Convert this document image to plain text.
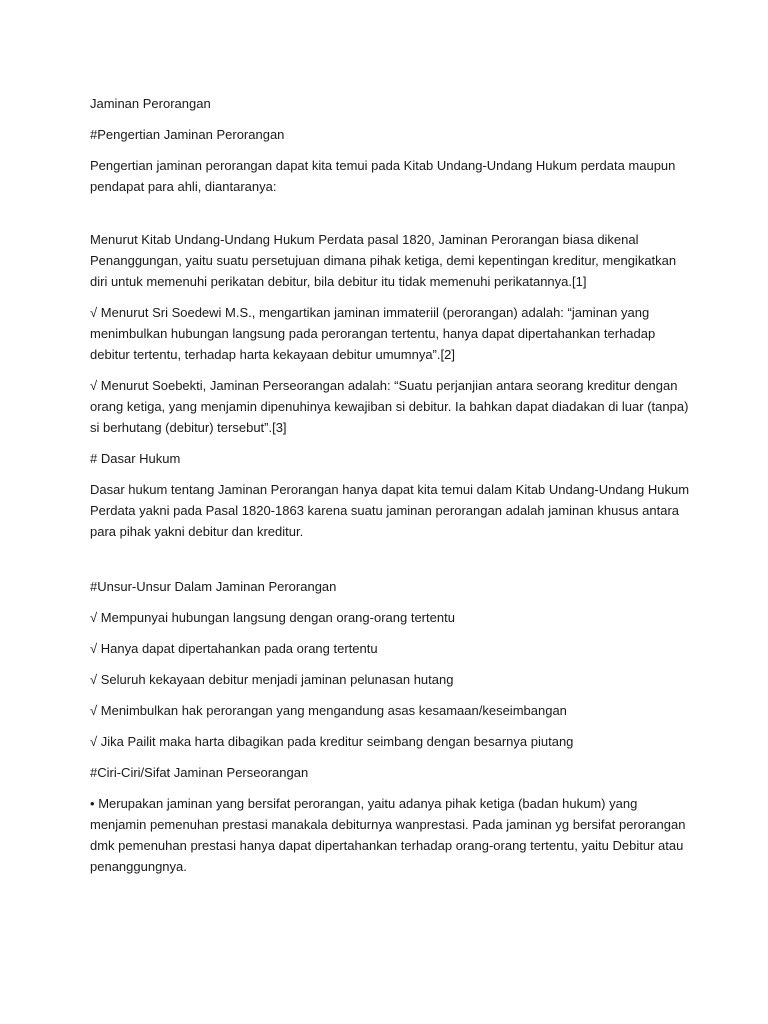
Jaminan Perorangan

#Pengertian Jaminan Perorangan

Pengertian jaminan perorangan dapat kita temui pada Kitab Undang-Undang Hukum perdata maupun pendapat para ahli, diantaranya:

Menurut Kitab Undang-Undang Hukum Perdata pasal 1820, Jaminan Perorangan biasa dikenal Penanggungan, yaitu suatu persetujuan dimana pihak ketiga, demi kepentingan kreditur, mengikatkan diri untuk memenuhi perikatan debitur, bila debitur itu tidak memenuhi perikatannya.[1]

√ Menurut Sri Soedewi M.S., mengartikan jaminan immateriil (perorangan) adalah: “jaminan yang menimbulkan hubungan langsung pada perorangan tertentu, hanya dapat dipertahankan terhadap debitur tertentu, terhadap harta kekayaan debitur umumnya”.[2]

√ Menurut Soebekti, Jaminan Perseorangan adalah: “Suatu perjanjian antara seorang kreditur dengan orang ketiga, yang menjamin dipenuhinya kewajiban si debitur. Ia bahkan dapat diadakan di luar (tanpa) si berhutang (debitur) tersebut”.[3]

# Dasar Hukum

Dasar hukum tentang Jaminan Perorangan hanya dapat kita temui dalam Kitab Undang-Undang Hukum Perdata yakni pada Pasal 1820-1863 karena suatu jaminan perorangan adalah jaminan khusus antara para pihak yakni debitur dan kreditur.

#Unsur-Unsur Dalam Jaminan Perorangan

√ Mempunyai hubungan langsung dengan orang-orang tertentu

√ Hanya dapat dipertahankan pada orang tertentu

√ Seluruh kekayaan debitur menjadi jaminan pelunasan hutang

√ Menimbulkan hak perorangan yang mengandung asas kesamaan/keseimbangan

√ Jika Pailit maka harta dibagikan pada kreditur seimbang dengan besarnya piutang

#Ciri-Ciri/Sifat Jaminan Perseorangan

• Merupakan jaminan yang bersifat perorangan, yaitu adanya pihak ketiga (badan hukum) yang menjamin pemenuhan prestasi manakala debiturnya wanprestasi. Pada jaminan yg bersifat perorangan dmk pemenuhan prestasi hanya dapat dipertahankan terhadap orang-orang tertentu, yaitu Debitur atau penanggungnya.
